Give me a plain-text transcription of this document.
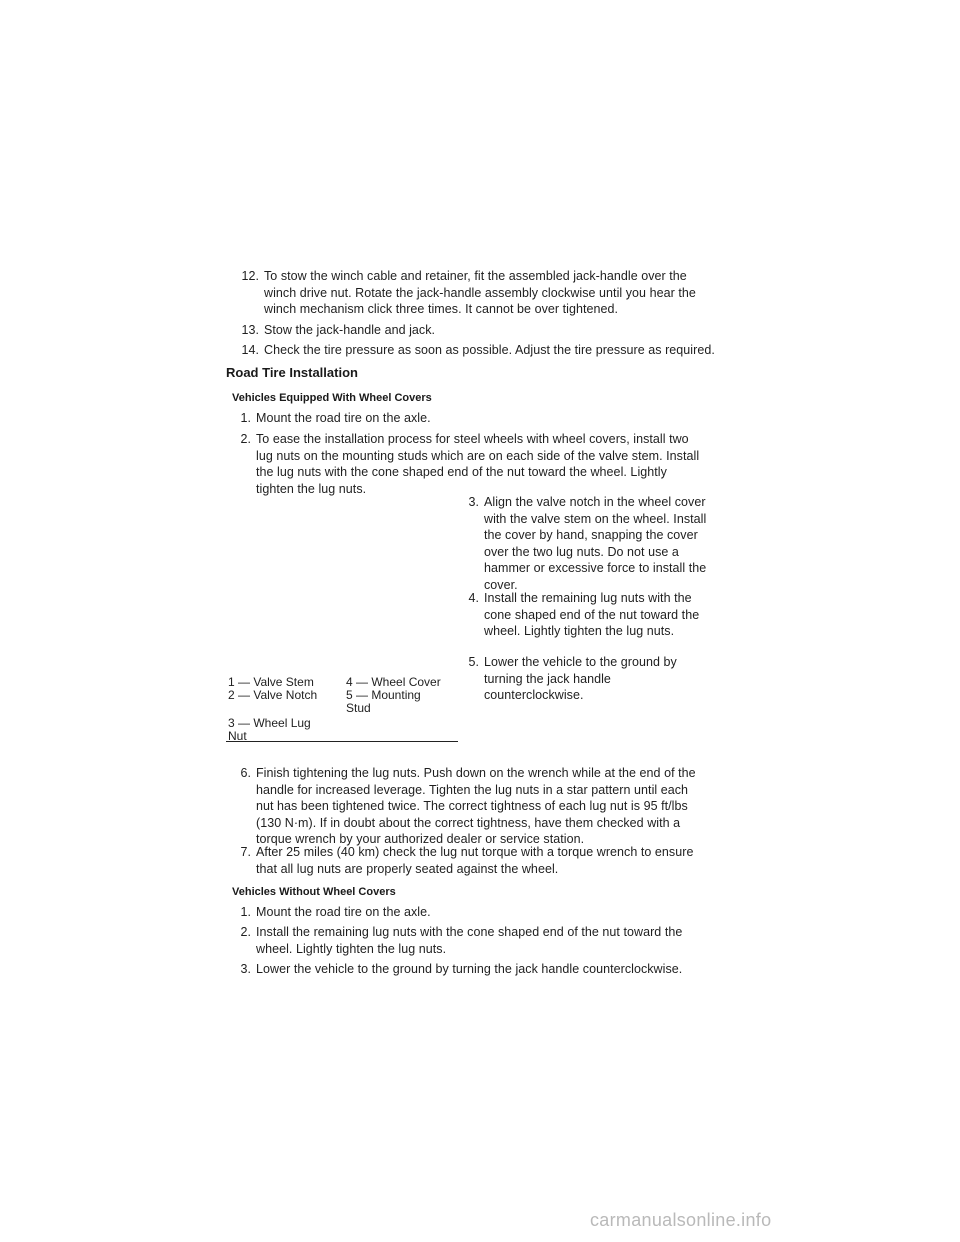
12. To stow the winch cable and retainer, fit the assembled jack-handle over the winch drive nut. Rotate the jack-handle assembly clockwise until you hear the winch mechanism click three times. It cannot be over tightened.
13. Stow the jack-handle and jack.
14. Check the tire pressure as soon as possible. Adjust the tire pressure as required.
Road Tire Installation
Vehicles Equipped With Wheel Covers
1. Mount the road tire on the axle.
2. To ease the installation process for steel wheels with wheel covers, install two lug nuts on the mounting studs which are on each side of the valve stem. Install the lug nuts with the cone shaped end of the nut toward the wheel. Lightly tighten the lug nuts.
3. Align the valve notch in the wheel cover with the valve stem on the wheel. Install the cover by hand, snapping the cover over the two lug nuts. Do not use a hammer or excessive force to install the cover.
4. Install the remaining lug nuts with the cone shaped end of the nut toward the wheel. Lightly tighten the lug nuts.
5. Lower the vehicle to the ground by turning the jack handle counterclockwise.
1 — Valve Stem
2 — Valve Notch
3 — Wheel Lug Nut
4 — Wheel Cover
5 — Mounting Stud
6. Finish tightening the lug nuts. Push down on the wrench while at the end of the handle for increased leverage. Tighten the lug nuts in a star pattern until each nut has been tightened twice. The correct tightness of each lug nut is 95 ft/lbs (130 N·m). If in doubt about the correct tightness, have them checked with a torque wrench by your authorized dealer or service station.
7. After 25 miles (40 km) check the lug nut torque with a torque wrench to ensure that all lug nuts are properly seated against the wheel.
Vehicles Without Wheel Covers
1. Mount the road tire on the axle.
2. Install the remaining lug nuts with the cone shaped end of the nut toward the wheel. Lightly tighten the lug nuts.
3. Lower the vehicle to the ground by turning the jack handle counterclockwise.
carmanualsonline.info
